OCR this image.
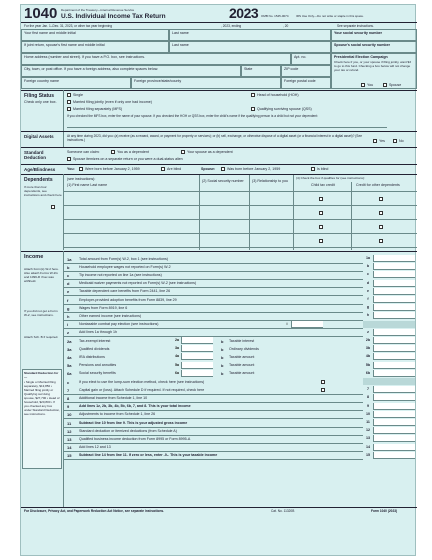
1040 Department of the Treasury—Internal Revenue Service
U.S. Individual Income Tax Return	2023 OMB No. 1545-0074 IRS Use Only—Do not write or staple in this space.
For the year Jan. 1–Dec. 31, 2023, or other tax year beginning	, 2023, ending	, 20	See separate instructions.
Your first name and middle initial	Last name	Your social security number
If joint return, spouse's first name and middle initial	Last name	Spouse's social security number
Home address (number and street). If you have a P.O. box, see instructions.	Apt. no.
City, town, or post office. If you have a foreign address, also complete spaces below.	State	ZIP code
Foreign country name	Foreign province/state/county	Foreign postal code
Presidential Election Campaign
Check here if you, or your spouse if filing jointly, want $3 to go to this fund. Checking a box below will not change your tax or refund.
You	Spouse
Filing Status
Check only one box.
Single
Married filing jointly (even if only one had income)
Married filing separately (MFS)
Head of household (HOH)
Qualifying surviving spouse (QSS)
If you checked the MFS box, enter the name of your spouse. If you checked the HOH or QSS box, enter the child's name if the qualifying person is a child but not your dependent:
Digital Assets	At any time during 2023, did you: (a) receive (as a reward, award, or payment for property or services); or (b) sell, exchange, or otherwise dispose of a digital asset (or a financial interest in a digital asset)? (See instructions.)	Yes	No
Standard Deduction
Someone can claim:	You as a dependent	Your spouse as a dependent
Spouse itemizes on a separate return or you were a dual-status alien
Age/Blindness	You:	Were born before January 2, 1959	Are blind	Spouse:	Was born before January 2, 1959	Is blind
Dependents	(see instructions):
If more than four dependents, see instructions and check here
(1) First name Last name
(2) Social security number	(3) Relationship to you
(4) Check the box if qualifies for (see instructions):
Child tax credit	Credit for other dependents
Income
Attach Form(s) W-2 here. Also attach Forms W-2G and 1099-R if tax was withheld.
If you did not get a Form W-2, see instructions.
Attach Sch. B if required.
Standard Deduction for—
• Single or Married filing separately, $13,850 • Married filing jointly or Qualifying surviving spouse, $27,700 • Head of household, $20,800 • If you checked any box under Standard Deduction, see instructions.
1a Total amount from Form(s) W-2, box 1 (see instructions)	1a
b	Household employee wages not reported on Form(s) W-2	b
c	Tip income not reported on line 1a (see instructions)	c
d	Medicaid waiver payments not reported on Form(s) W-2 (see instructions)	d
e	Taxable dependent care benefits from Form 2441, line 26	e
f	Employer-provided adoption benefits from Form 8839, line 29	f
g	Wages from Form 8919, line 6	g
h	Other earned income (see instructions)	h
i	Nontaxable combat pay election (see instructions)	i
z	Add lines 1a through 1h	z
2a Tax-exempt interest	2a	b Taxable interest	2b
3a Qualified dividends	3a	b Ordinary dividends	3b
4a IRA distributions	4a	b Taxable amount	4b
5a Pensions and annuities	5a	b Taxable amount	5b
6a Social security benefits	6a	b Taxable amount	6b
c	If you elect to use the lump-sum election method, check here (see instructions)
7	Capital gain or (loss). Attach Schedule D if required. If not required, check here	7
8	Additional income from Schedule 1, line 10	8
9	Add lines 1z, 2b, 3b, 4b, 5b, 6b, 7, and 8. This is your total income	9
10 Adjustments to income from Schedule 1, line 26	10
11 Subtract line 10 from line 9. This is your adjusted gross income	11
12 Standard deduction or itemized deductions (from Schedule A)	12
13 Qualified business income deduction from Form 8995 or Form 8995-A	13
14 Add lines 12 and 13	14
15 Subtract line 14 from line 11. If zero or less, enter -0-. This is your taxable income	15
For Disclosure, Privacy Act, and Paperwork Reduction Act Notice, see separate instructions.	Cat. No. 11320B	Form 1040 (2023)
